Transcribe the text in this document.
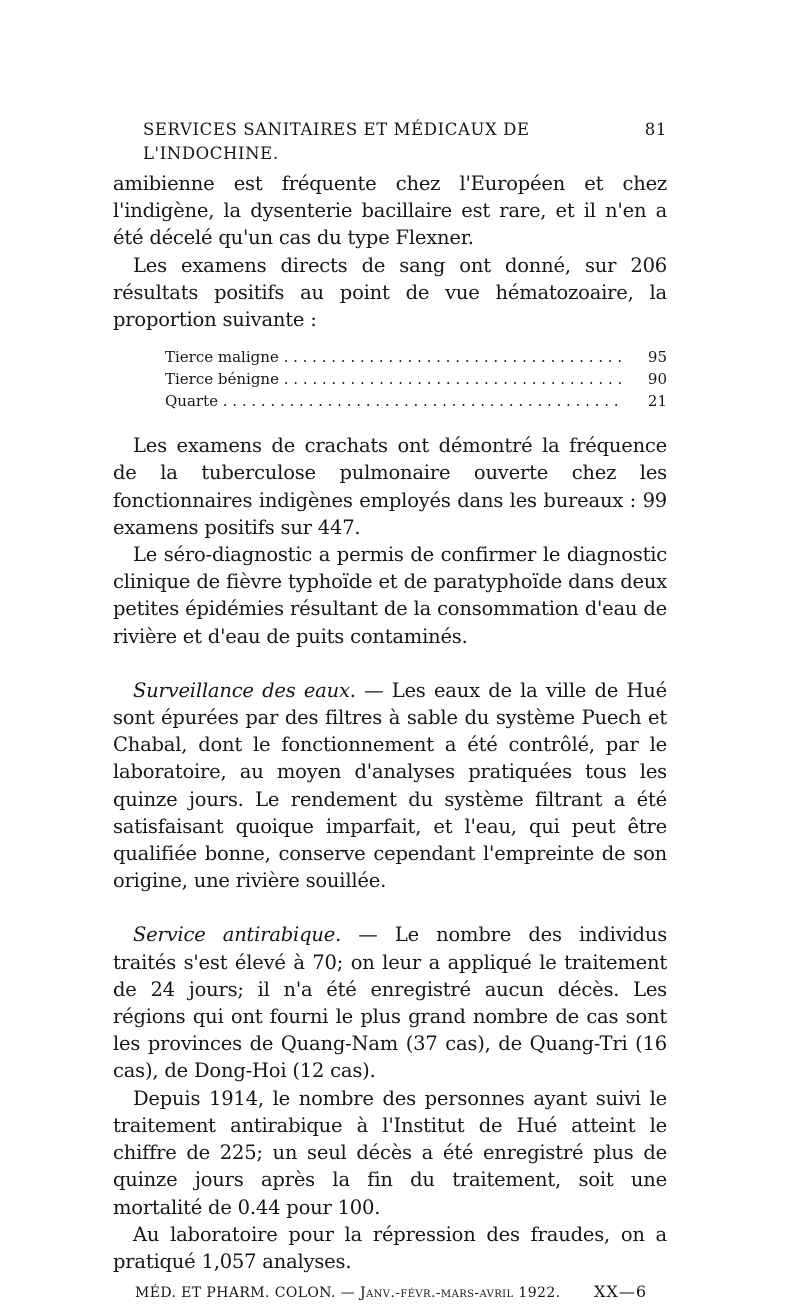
SERVICES SANITAIRES ET MÉDICAUX DE L'INDOCHINE.
81

amibienne est fréquente chez l'Européen et chez l'indigène, la dysenterie bacillaire est rare, et il n'en a été décelé qu'un cas du type Flexner.

Les examens directs de sang ont donné, sur 206 résultats positifs au point de vue hématozoaire, la proportion suivante :

Tierce maligne . . .	95
Tierce bénigne . . .	90
Quarte . . .	21

Les examens de crachats ont démontré la fréquence de la tuberculose pulmonaire ouverte chez les fonctionnaires indigènes employés dans les bureaux : 99 examens positifs sur 447.

Le séro-diagnostic a permis de confirmer le diagnostic clinique de fièvre typhoïde et de paratyphoïde dans deux petites épidémies résultant de la consommation d'eau de rivière et d'eau de puits contaminés.

Surveillance des eaux. — Les eaux de la ville de Hué sont épurées par des filtres à sable du système Puech et Chabal, dont le fonctionnement a été contrôlé, par le laboratoire, au moyen d'analyses pratiquées tous les quinze jours. Le rendement du système filtrant a été satisfaisant quoique imparfait, et l'eau, qui peut être qualifiée bonne, conserve cependant l'empreinte de son origine, une rivière souillée.

Service antirabique. — Le nombre des individus traités s'est élevé à 70; on leur a appliqué le traitement de 24 jours; il n'a été enregistré aucun décès. Les régions qui ont fourni le plus grand nombre de cas sont les provinces de Quang-Nam (37 cas), de Quang-Tri (16 cas), de Dong-Hoi (12 cas).

Depuis 1914, le nombre des personnes ayant suivi le traitement antirabique à l'Institut de Hué atteint le chiffre de 225; un seul décès a été enregistré plus de quinze jours après la fin du traitement, soit une mortalité de 0.44 pour 100.

Au laboratoire pour la répression des fraudes, on a pratiqué 1,057 analyses.

MÉD. ET PHARM. COLON. — Janv.-févr.-mars-avril 1922. XX—6
